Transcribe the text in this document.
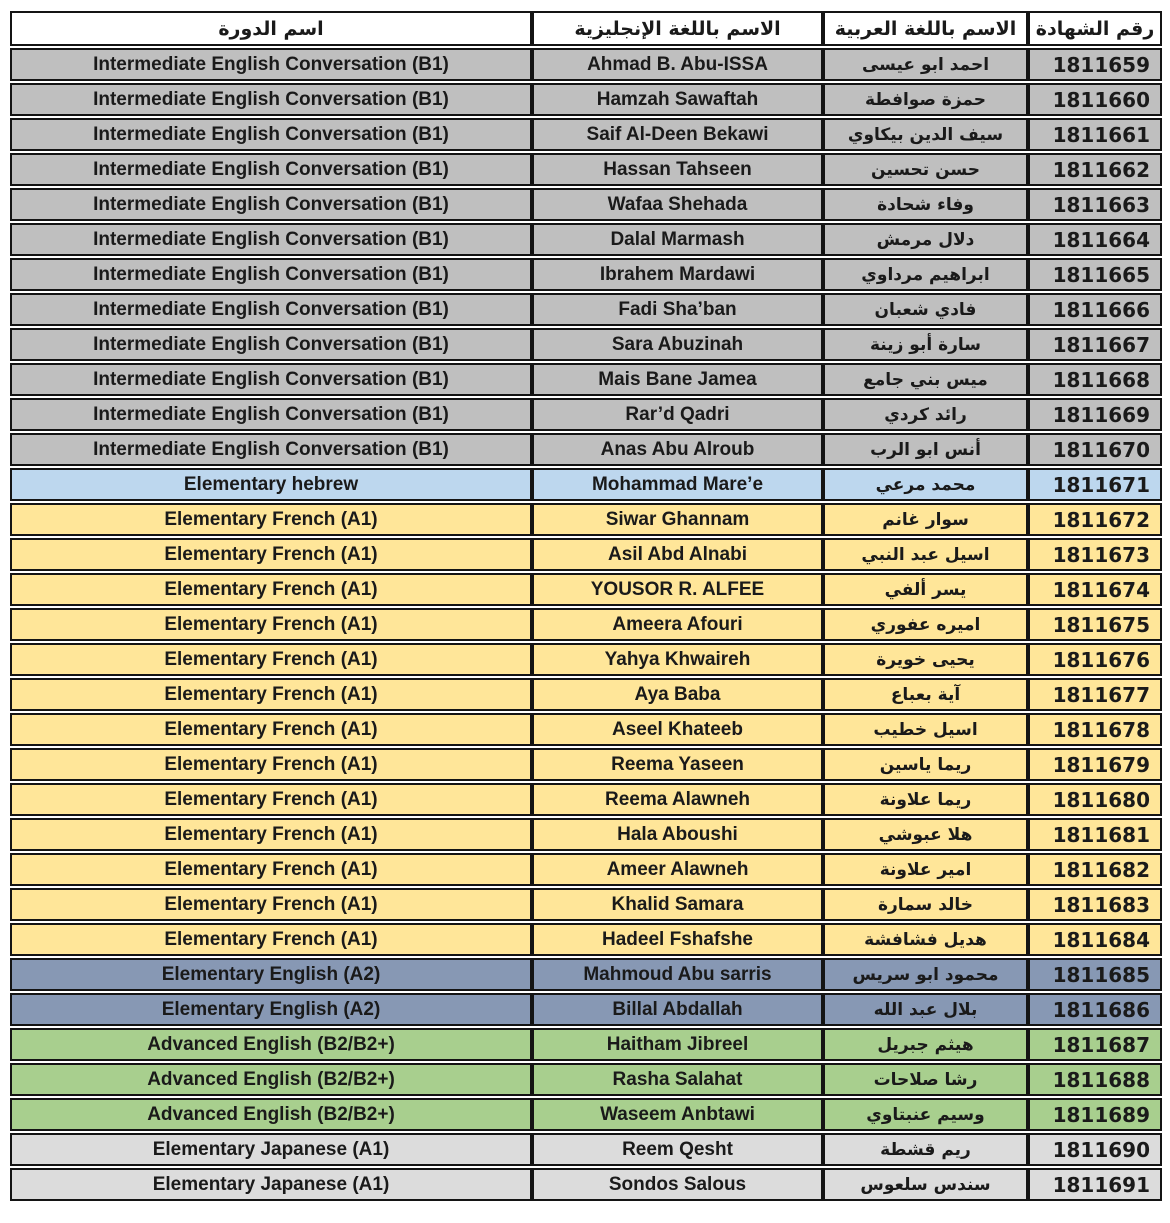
اسم الدورة	الاسم باللغة الإنجليزية	الاسم باللغة العربية	رقم الشهادة
Intermediate English Conversation (B1)	Ahmad B. Abu-ISSA	احمد ابو عيسى	1811659
Intermediate English Conversation (B1)	Hamzah Sawaftah	حمزة صوافطة	1811660
Intermediate English Conversation (B1)	Saif Al-Deen Bekawi	سيف الدين بيكاوي	1811661
Intermediate English Conversation (B1)	Hassan Tahseen	حسن تحسين	1811662
Intermediate English Conversation (B1)	Wafaa Shehada	وفاء شحادة	1811663
Intermediate English Conversation (B1)	Dalal Marmash	دلال مرمش	1811664
Intermediate English Conversation (B1)	Ibrahem Mardawi	ابراهيم مرداوي	1811665
Intermediate English Conversation (B1)	Fadi Sha’ban	فادي شعبان	1811666
Intermediate English Conversation (B1)	Sara Abuzinah	سارة أبو زينة	1811667
Intermediate English Conversation (B1)	Mais Bane Jamea	ميس بني جامع	1811668
Intermediate English Conversation (B1)	Rar’d Qadri	رائد كردي	1811669
Intermediate English Conversation (B1)	Anas Abu Alroub	أنس ابو الرب	1811670
Elementary hebrew	Mohammad Mare’e	محمد مرعي	1811671
Elementary French (A1)	Siwar Ghannam	سوار غانم	1811672
Elementary French (A1)	Asil Abd Alnabi	اسيل عبد النبي	1811673
Elementary French (A1)	YOUSOR R. ALFEE	يسر ألفي	1811674
Elementary French (A1)	Ameera Afouri	اميره عفوري	1811675
Elementary French (A1)	Yahya Khwaireh	يحيى خويرة	1811676
Elementary French (A1)	Aya Baba	آية بعباع	1811677
Elementary French (A1)	Aseel Khateeb	اسيل خطيب	1811678
Elementary French (A1)	Reema Yaseen	ريما ياسين	1811679
Elementary French (A1)	Reema Alawneh	ريما علاونة	1811680
Elementary French (A1)	Hala Aboushi	هلا عبوشي	1811681
Elementary French (A1)	Ameer Alawneh	امير علاونة	1811682
Elementary French (A1)	Khalid Samara	خالد سمارة	1811683
Elementary French (A1)	Hadeel Fshafshe	هديل فشافشة	1811684
Elementary English (A2)	Mahmoud Abu sarris	محمود ابو سريس	1811685
Elementary English (A2)	Billal Abdallah	بلال عبد الله	1811686
Advanced English (B2/B2+)	Haitham Jibreel	هيثم جبريل	1811687
Advanced English (B2/B2+)	Rasha Salahat	رشا صلاحات	1811688
Advanced English (B2/B2+)	Waseem Anbtawi	وسيم عنبتاوي	1811689
Elementary Japanese (A1)	Reem Qesht	ريم قشطة	1811690
Elementary Japanese (A1)	Sondos Salous	سندس سلعوس	1811691
